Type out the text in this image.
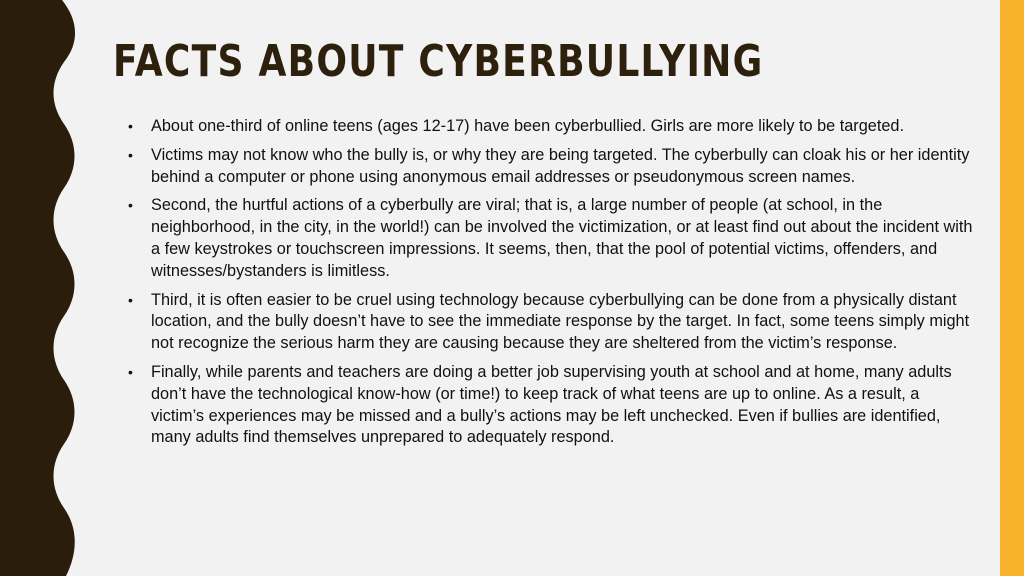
FACTS ABOUT CYBERBULLYING
• About one-third of online teens (ages 12-17) have been cyberbullied. Girls are more likely to be targeted.
• Victims may not know who the bully is, or why they are being targeted. The cyberbully can cloak his or her identity behind a computer or phone using anonymous email addresses or pseudonymous screen names.
• Second, the hurtful actions of a cyberbully are viral; that is, a large number of people (at school, in the neighborhood, in the city, in the world!) can be involved the victimization, or at least find out about the incident with a few keystrokes or touchscreen impressions. It seems, then, that the pool of potential victims, offenders, and witnesses/bystanders is limitless.
• Third, it is often easier to be cruel using technology because cyberbullying can be done from a physically distant location, and the bully doesn’t have to see the immediate response by the target. In fact, some teens simply might not recognize the serious harm they are causing because they are sheltered from the victim’s response.
• Finally, while parents and teachers are doing a better job supervising youth at school and at home, many adults don’t have the technological know-how (or time!) to keep track of what teens are up to online. As a result, a victim’s experiences may be missed and a bully’s actions may be left unchecked. Even if bullies are identified, many adults find themselves unprepared to adequately respond.
